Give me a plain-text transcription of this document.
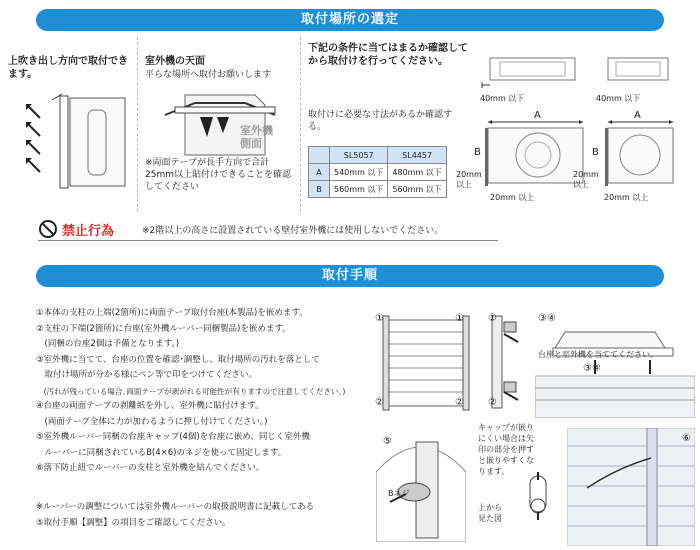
取付場所の選定
上吹き出し方向で取付できます。
室外機の天面
平らな場所へ取付お願いします
室外機側面
※両面テープが長手方向で合計25mm以上貼付けできることを確認してください
下記の条件に当てはまるか確認してから取付けを行ってください。
取付けに必要な寸法があるか確認する。
	SL5057	SL4457
A	540mm 以下	480mm 以下
B	560mm 以下	560mm 以下
40mm 以下	40mm 以下
A	A
B	B
20mm 以上
20mm 以上
20mm 以上	20mm 以上
禁止行為	※2階以上の高さに設置されている壁付室外機には使用しないでください。
取付手順
①本体の支柱の上端(2箇所)に両面テープ取付台座(本製品)を嵌めます。
②支柱の下端(2箇所)に台座(室外機ルーバー同梱製品)を嵌めます。
　(同梱の台座2個は予備となります。)
③室外機に当てて、台座の位置を確認･調整し、取付場所の汚れを落として
　取付け場所が分かる様にペン等で印をつけてください。
　(汚れが残っている場合､両面テープが剥がれる可能性が有りますので注意してください。)
④台座の両面テープの剥離紙を外し、室外機に貼付けます。
　(両面テープ全体に力が加わるように押し付けてください。)
⑤室外機ルーバー同梱の台座キャップ(4個)を台座に嵌め、同じく室外機
　ルーバーに同梱されているB(4×6)のネジを使って固定します。
⑥落下防止紐でルーバーの支柱と室外機を結んでください。
※ルーバーの調整については室外機ルーバーの取扱説明書に記載してある
⑤取付手順【調整】の項目をご確認してください。
①	①
②	②
①
②
③④
台座と室外機を当ててください。
③④
⑤
Bネジ
キャップが嵌りにくい場合は矢印の部分を押すと嵌りやすくなります。
上から見た図
⑥
